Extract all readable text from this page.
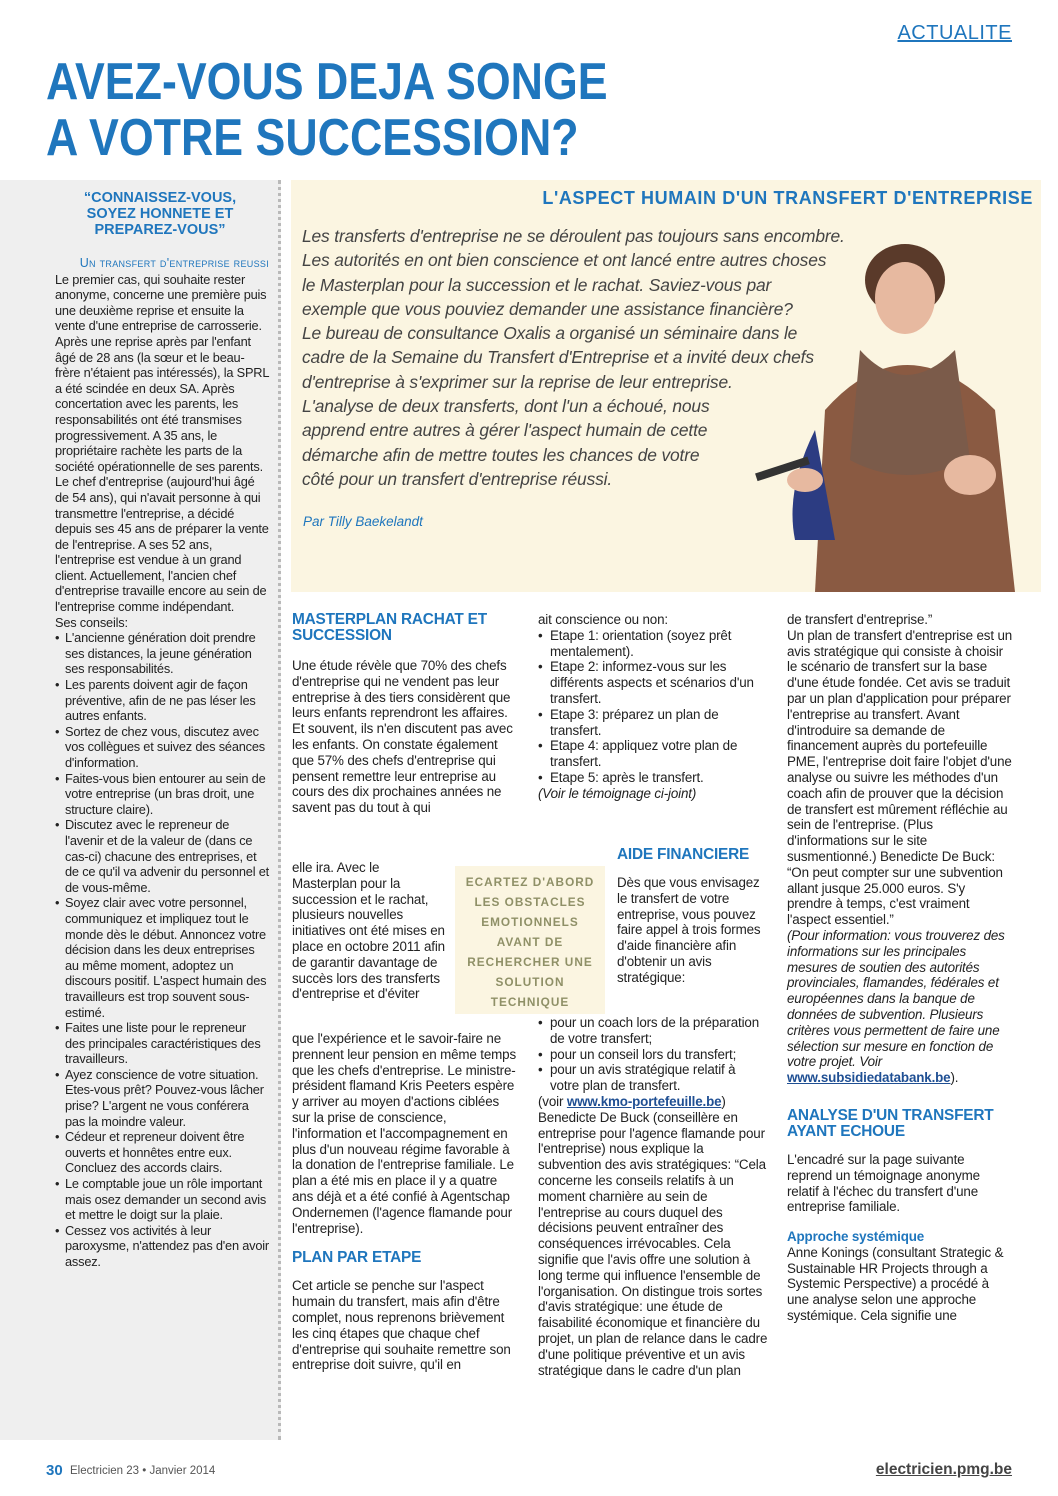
ACTUALITE
AVEZ-VOUS DEJA SONGE
A VOTRE SUCCESSION?
“CONNAISSEZ-VOUS,
SOYEZ HONNETE ET
PREPAREZ-VOUS”
Un transfert d'entreprise reussi
Le premier cas, qui souhaite rester anonyme, concerne une première puis une deuxième reprise et ensuite la vente d'une entreprise de carrosserie. Après une reprise après par l'enfant âgé de 28 ans (la sœur et le beau-frère n'étaient pas intéressés), la SPRL a été scindée en deux SA. Après concertation avec les parents, les responsabilités ont été transmises progressivement. A 35 ans, le propriétaire rachète les parts de la société opérationnelle de ses parents. Le chef d'entreprise (aujourd'hui âgé de 54 ans), qui n'avait personne à qui transmettre l'entreprise, a décidé depuis ses 45 ans de préparer la vente de l'entreprise. A ses 52 ans, l'entreprise est vendue à un grand client. Actuellement, l'ancien chef d'entreprise travaille encore au sein de l'entreprise comme indépendant.
Ses conseils:
• L'ancienne génération doit prendre ses distances, la jeune génération ses responsabilités.
• Les parents doivent agir de façon préventive, afin de ne pas léser les autres enfants.
• Sortez de chez vous, discutez avec vos collègues et suivez des séances d'information.
• Faites-vous bien entourer au sein de votre entreprise (un bras droit, une structure claire).
• Discutez avec le repreneur de l'avenir et de la valeur de (dans ce cas-ci) chacune des entreprises, et de ce qu'il va advenir du personnel et de vous-même.
• Soyez clair avec votre personnel, communiquez et impliquez tout le monde dès le début. Annoncez votre décision dans les deux entreprises au même moment, adoptez un discours positif. L'aspect humain des travailleurs est trop souvent sous-estimé.
• Faites une liste pour le repreneur des principales caractéristiques des travailleurs.
• Ayez conscience de votre situation. Etes-vous prêt? Pouvez-vous lâcher prise? L'argent ne vous conférera pas la moindre valeur.
• Cédeur et repreneur doivent être ouverts et honnêtes entre eux. Concluez des accords clairs.
• Le comptable joue un rôle important mais osez demander un second avis et mettre le doigt sur la plaie.
• Cessez vos activités à leur paroxysme, n'attendez pas d'en avoir assez.
L'ASPECT HUMAIN D'UN TRANSFERT D'ENTREPRISE
Les transferts d'entreprise ne se déroulent pas toujours sans encombre.
Les autorités en ont bien conscience et ont lancé entre autres choses
le Masterplan pour la succession et le rachat. Saviez-vous par
exemple que vous pouviez demander une assistance financière?
Le bureau de consultance Oxalis a organisé un séminaire dans le
cadre de la Semaine du Transfert d'Entreprise et a invité deux chefs
d'entreprise à s'exprimer sur la reprise de leur entreprise.
L'analyse de deux transferts, dont l'un a échoué, nous
apprend entre autres à gérer l'aspect humain de cette
démarche afin de mettre toutes les chances de votre
côté pour un transfert d'entreprise réussi.
Par Tilly Baekelandt
MASTERPLAN RACHAT ET SUCCESSION

Une étude révèle que 70% des chefs d'entreprise qui ne vendent pas leur entreprise à des tiers considèrent que leurs enfants reprendront les affaires. Et souvent, ils n'en discutent pas avec les enfants. On constate également que 57% des chefs d'entreprise qui pensent remettre leur entreprise au cours des dix prochaines années ne savent pas du tout à qui

elle ira. Avec le Masterplan pour la succession et le rachat, plusieurs nouvelles initiatives ont été mises en place en octobre 2011 afin de garantir davantage de succès lors des transferts d'entreprise et d'éviter

que l'expérience et le savoir-faire ne prennent leur pension en même temps que les chefs d'entreprise. Le ministre-président flamand Kris Peeters espère y arriver au moyen d'actions ciblées sur la prise de conscience, l'information et l'accompagnement en plus d'un nouveau régime favorable à la donation de l'entreprise familiale. Le plan a été mis en place il y a quatre ans déjà et a été confié à Agentschap Ondernemen (l'agence flamande pour l'entreprise).

PLAN PAR ETAPE

Cet article se penche sur l'aspect humain du transfert, mais afin d'être complet, nous reprenons brièvement les cinq étapes que chaque chef d'entreprise qui souhaite remettre son entreprise doit suivre, qu'il en

ECARTEZ D'ABORD LES OBSTACLES EMOTIONNELS AVANT DE RECHERCHER UNE SOLUTION TECHNIQUE

ait conscience ou non:

• Etape 1: orientation (soyez prêt mentalement).
• Etape 2: informez-vous sur les différents aspects et scénarios d'un transfert.
• Etape 3: préparez un plan de transfert.
• Etape 4: appliquez votre plan de transfert.
• Etape 5: après le transfert.

(Voir le témoignage ci-joint)

AIDE FINANCIERE

Dès que vous envisagez le transfert de votre entreprise, vous pouvez faire appel à trois formes d'aide financière afin d'obtenir un avis stratégique:

• pour un coach lors de la préparation de votre transfert;
• pour un conseil lors du transfert;
• pour un avis stratégique relatif à votre plan de transfert.

(voir www.kmo-portefeuille.be)

Benedicte De Buck (conseillère en entreprise pour l'agence flamande pour l'entreprise) nous explique la subvention des avis stratégiques: “Cela concerne les conseils relatifs à un moment charnière au sein de l'entreprise au cours duquel des décisions peuvent entraîner des conséquences irrévocables. Cela signifie que l'avis offre une solution à long terme qui influence l'ensemble de l'organisation. On distingue trois sortes d'avis stratégique: une étude de faisabilité économique et financière du projet, un plan de relance dans le cadre d'une politique préventive et un avis stratégique dans le cadre d'un plan

de transfert d'entreprise.”

Un plan de transfert d'entreprise est un avis stratégique qui consiste à choisir le scénario de transfert sur la base d'une étude fondée. Cet avis se traduit par un plan d'application pour préparer l'entreprise au transfert. Avant d'introduire sa demande de financement auprès du portefeuille PME, l'entreprise doit faire l'objet d'une analyse ou suivre les méthodes d'un coach afin de prouver que la décision de transfert est mûrement réfléchie au sein de l'entreprise. (Plus d'informations sur le site susmentionné.) Benedicte De Buck: “On peut compter sur une subvention allant jusque 25.000 euros. S'y prendre à temps, c'est vraiment l'aspect essentiel.”

(Pour information: vous trouverez des informations sur les principales mesures de soutien des autorités provinciales, flamandes, fédérales et européennes dans la banque de données de subvention. Plusieurs critères vous permettent de faire une sélection sur mesure en fonction de votre projet. Voir www.subsidiedatabank.be).

ANALYSE D'UN TRANSFERT AYANT ECHOUE

L'encadré sur la page suivante reprend un témoignage anonyme relatif à l'échec du transfert d'une entreprise familiale.

Approche systémique

Anne Konings (consultant Strategic & Sustainable HR Projects through a Systemic Perspective) a procédé à une analyse selon une approche systémique. Cela signifie une

30 Electricien 23 • Janvier 2014	electricien.pmg.be
